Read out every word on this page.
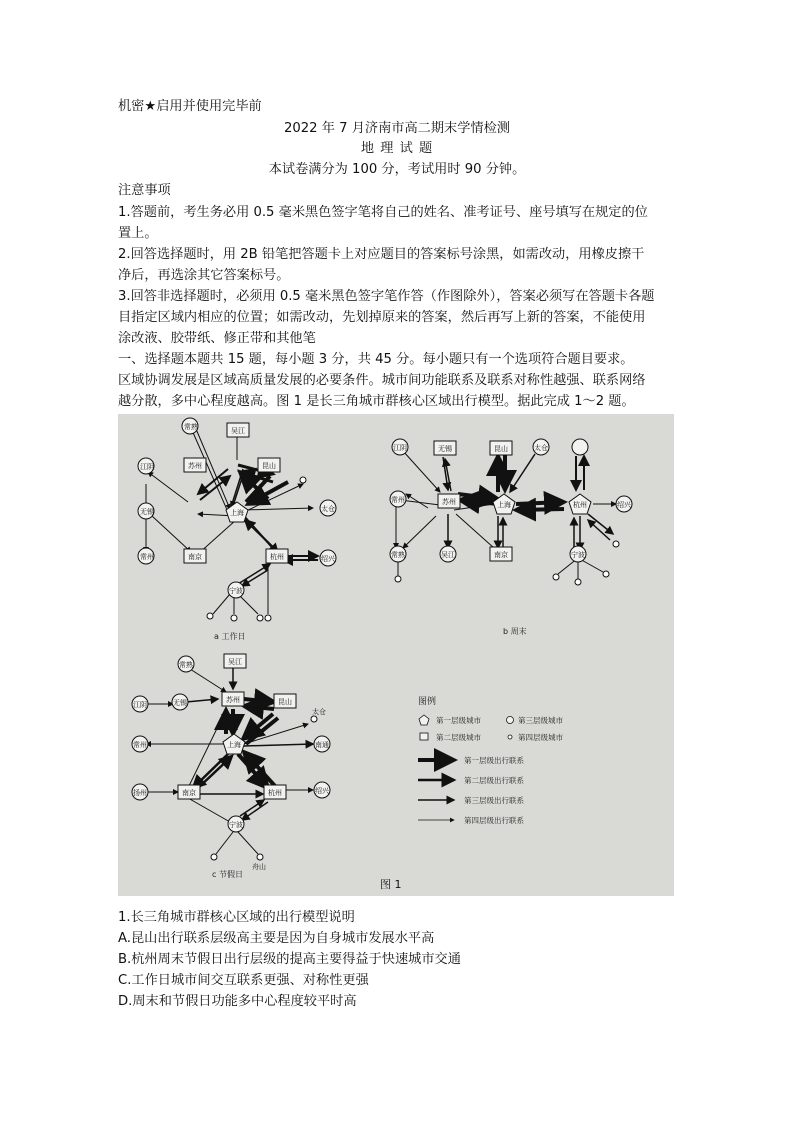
机密★启用并使用完毕前
2022 年 7 月济南市高二期末学情检测
地 理 试 题
本试卷满分为 100 分，考试用时 90 分钟。
注意事项
1.答题前，考生务必用 0.5 毫米黑色签字笔将自己的姓名、准考证号、座号填写在规定的位
置上。
2.回答选择题时，用 2B 铅笔把答题卡上对应题目的答案标号涂黑，如需改动，用橡皮擦干
净后，再选涂其它答案标号。
3.回答非选择题时，必须用 0.5 毫米黑色签字笔作答（作图除外），答案必须写在答题卡各题
目指定区域内相应的位置；如需改动，先划掉原来的答案，然后再写上新的答案，不能使用
涂改液、胶带纸、修正带和其他笔
一、选择题本题共 15 题，每小题 3 分，共 45 分。每小题只有一个选项符合题目要求。
区域协调发展是区域高质量发展的必要条件。城市间功能联系及联系对称性越强、联系网络
越分散，多中心程度越高。图 1 是长三角城市群核心区域出行模型。据此完成 1～2 题。
常熟	吴江
江阴	苏州	昆山
无锡	上海	太仓
常州	南京	杭州	绍兴
宁波
a 工作日
江阴	无锡	昆山	太仓
常州	苏州	上海	杭州	绍兴
常熟	吴江	南京	宁波
b 周末
常熟	吴江
江阴	无锡	苏州	昆山
太仓
常州	上海	南通
扬州	南京	杭州	绍兴
宁波
舟山
c 节假日
图例
第一层级城市	第三层级城市
第二层级城市	第四层级城市
第一层级出行联系
第二层级出行联系
第三层级出行联系
第四层级出行联系
图 1
1.长三角城市群核心区域的出行模型说明
A.昆山出行联系层级高主要是因为自身城市发展水平高
B.杭州周末节假日出行层级的提高主要得益于快速城市交通
C.工作日城市间交互联系更强、对称性更强
D.周末和节假日功能多中心程度较平时高
